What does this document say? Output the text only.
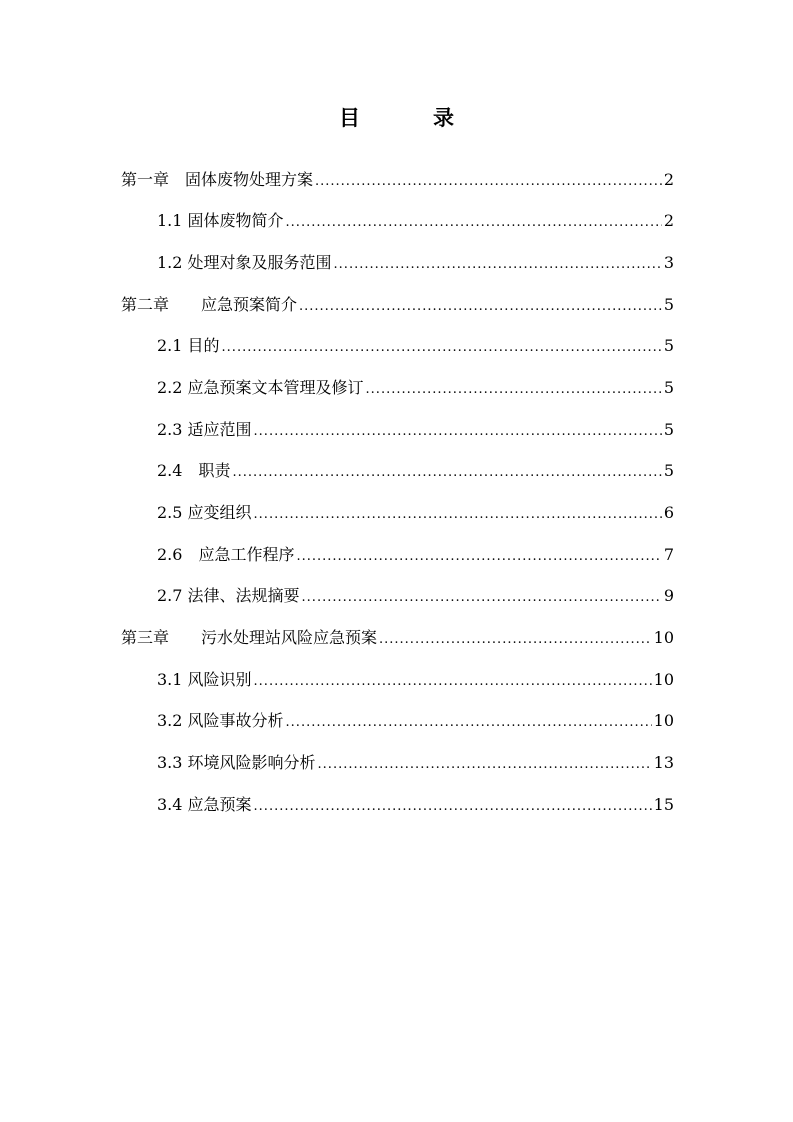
目　录
第一章　固体废物处理方案 .....	2
1.1 固体废物简介 .....	2
1.2 处理对象及服务范围 .....	3
第二章　　应急预案简介 .....	5
2.1 目的 .....	5
2.2 应急预案文本管理及修订 .....	5
2.3 适应范围 .....	5
2.4　职责 .....	5
2.5 应变组织 .....	6
2.6　应急工作程序 .....	7
2.7 法律、法规摘要 .....	9
第三章　　污水处理站风险应急预案 .....	10
3.1 风险识别 .....	10
3.2 风险事故分析 .....	10
3.3 环境风险影响分析 .....	13
3.4 应急预案 .....	15
